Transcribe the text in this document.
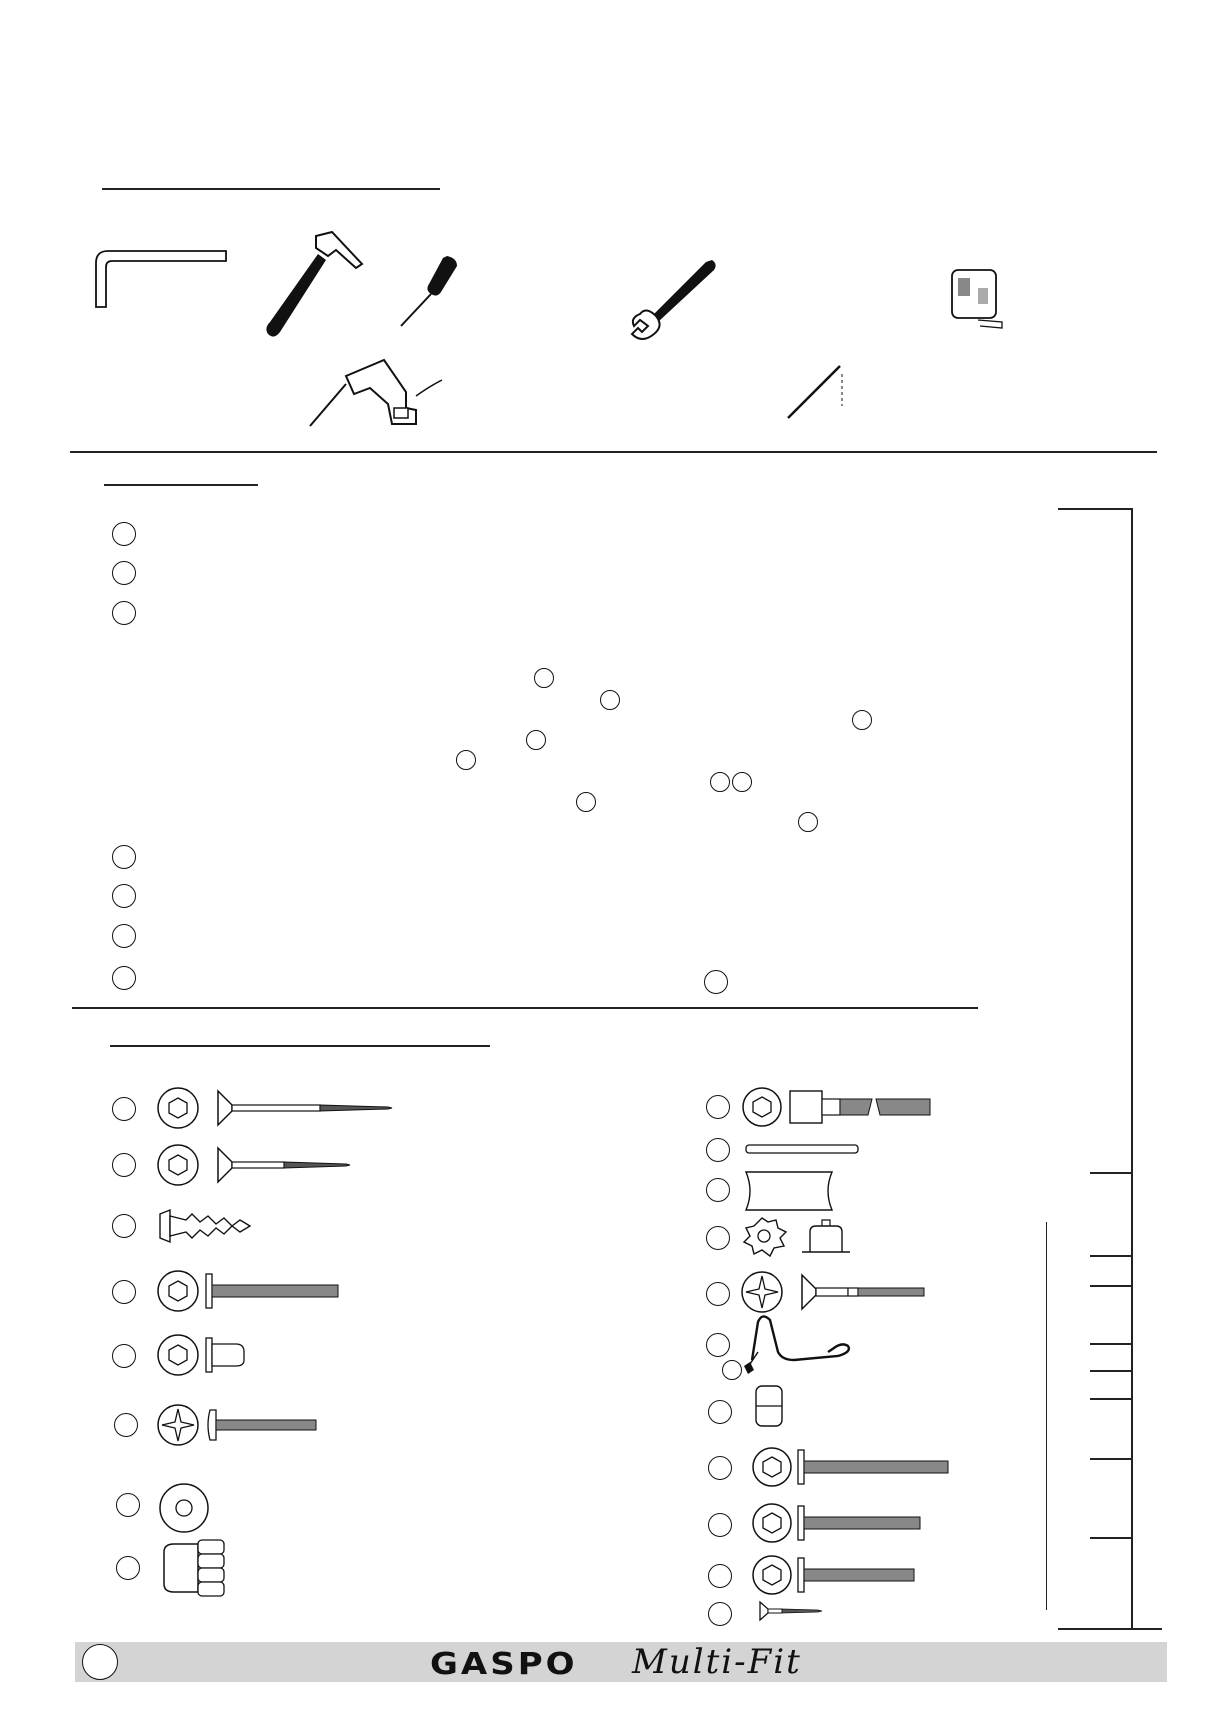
GASPO Multi-Fit
